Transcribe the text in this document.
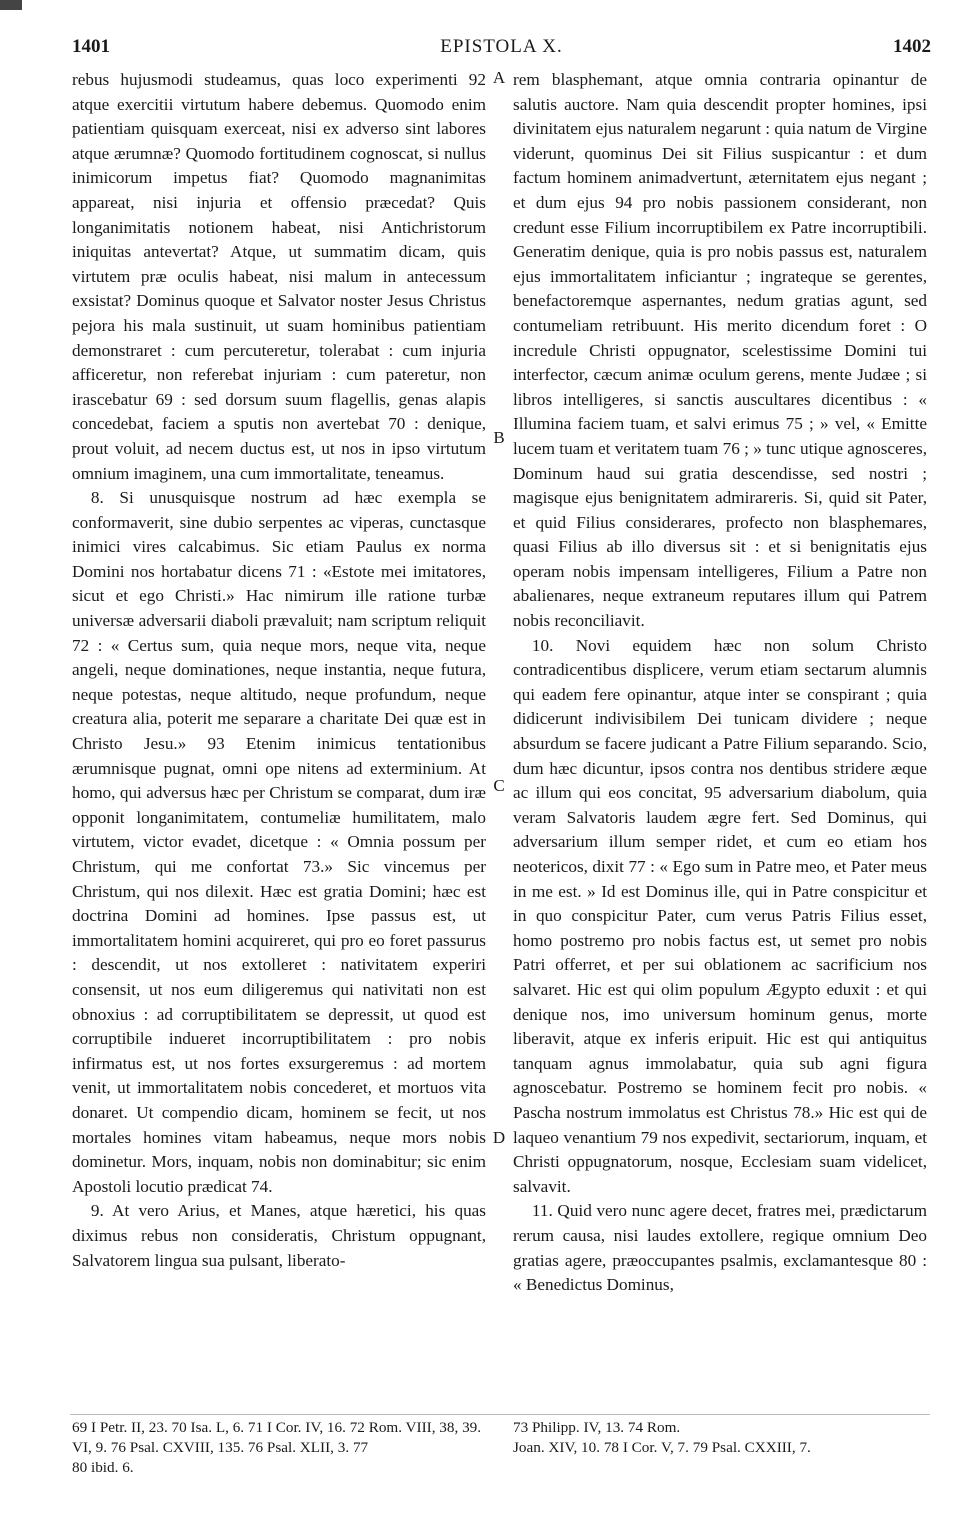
1401	EPISTOLA X.	1402

rebus hujusmodi studeamus, quas loco experimenti 92 atque exercitii virtutum habere debemus. Quomodo enim patientiam quisquam exerceat, nisi ex adverso sint labores atque ærumnæ? Quomodo fortitudinem cognoscat, si nullus inimicorum impetus fiat? Quomodo magnanimitas appareat, nisi injuria et offensio præcedat? Quis longanimitatis notionem habeat, nisi Antichristorum iniquitas antevertat? Atque, ut summatim dicam, quis virtutem præ oculis habeat, nisi malum in antecessum exsistat? Dominus quoque et Salvator noster Jesus Christus pejora his mala sustinuit, ut suam hominibus patientiam demonstraret : cum percuteretur, tolerabat : cum injuria afficeretur, non referebat injuriam : cum pateretur, non irascebatur 69 : sed dorsum suum flagellis, genas alapis concedebat, faciem a sputis non avertebat 70 : denique, prout voluit, ad necem ductus est, ut nos in ipso virtutum omnium imaginem, una cum immortalitate, teneamus.

8. Si unusquisque nostrum ad hæc exempla se conformaverit, sine dubio serpentes ac viperas, cunctasque inimici vires calcabimus. Sic etiam Paulus ex norma Domini nos hortabatur dicens 71 : «Estote mei imitatores, sicut et ego Christi.» Hac nimirum ille ratione turbæ universæ adversarii diaboli prævaluit; nam scriptum reliquit 72 : « Certus sum, quia neque mors, neque vita, neque angeli, neque dominationes, neque instantia, neque futura, neque potestas, neque altitudo, neque profundum, neque creatura alia, poterit me separare a charitate Dei quæ est in Christo Jesu.» 93 Etenim inimicus tentationibus ærumnisque pugnat, omni ope nitens ad exterminium. At homo, qui adversus hæc per Christum se comparat, dum iræ opponit longanimitatem, contumeliæ humilitatem, malo virtutem, victor evadet, dicetque : « Omnia possum per Christum, qui me confortat 73.» Sic vincemus per Christum, qui nos dilexit. Hæc est gratia Domini; hæc est doctrina Domini ad homines. Ipse passus est, ut immortalitatem homini acquireret, qui pro eo foret passurus : descendit, ut nos extolleret : nativitatem experiri consensit, ut nos eum diligeremus qui nativitati non est obnoxius : ad corruptibilitatem se depressit, ut quod est corruptibile indueret incorruptibilitatem : pro nobis infirmatus est, ut nos fortes exsurgeremus : ad mortem venit, ut immortalitatem nobis concederet, et mortuos vita donaret. Ut compendio dicam, hominem se fecit, ut nos mortales homines vitam habeamus, neque mors nobis dominetur. Mors, inquam, nobis non dominabitur; sic enim Apostoli locutio prædicat 74.

9. At vero Arius, et Manes, atque hæretici, his quas diximus rebus non consideratis, Christum oppugnant, Salvatorem lingua sua pulsant, liberato-

A
B
C
D

rem blasphemant, atque omnia contraria opinantur de salutis auctore. Nam quia descendit propter homines, ipsi divinitatem ejus naturalem negarunt : quia natum de Virgine viderunt, quominus Dei sit Filius suspicantur : et dum factum hominem animadvertunt, æternitatem ejus negant ; et dum ejus 94 pro nobis passionem considerant, non credunt esse Filium incorruptibilem ex Patre incorruptibili. Generatim denique, quia is pro nobis passus est, naturalem ejus immortalitatem inficiantur ; ingrateque se gerentes, benefactoremque aspernantes, nedum gratias agunt, sed contumeliam retribuunt. His merito dicendum foret : O incredule Christi oppugnator, scelestissime Domini tui interfector, cæcum animæ oculum gerens, mente Judæe ; si libros intelligeres, si sanctis auscultares dicentibus : « Illumina faciem tuam, et salvi erimus 75 ; » vel, « Emitte lucem tuam et veritatem tuam 76 ; » tunc utique agnosceres, Dominum haud sui gratia descendisse, sed nostri ; magisque ejus benignitatem admirareris. Si, quid sit Pater, et quid Filius considerares, profecto non blasphemares, quasi Filius ab illo diversus sit : et si benignitatis ejus operam nobis impensam intelligeres, Filium a Patre non abalienares, neque extraneum reputares illum qui Patrem nobis reconciliavit.

10. Novi equidem hæc non solum Christo contradicentibus displicere, verum etiam sectarum alumnis qui eadem fere opinantur, atque inter se conspirant ; quia didicerunt indivisibilem Dei tunicam dividere ; neque absurdum se facere judicant a Patre Filium separando. Scio, dum hæc dicuntur, ipsos contra nos dentibus stridere æque ac illum qui eos concitat, 95 adversarium diabolum, quia veram Salvatoris laudem ægre fert. Sed Dominus, qui adversarium illum semper ridet, et cum eo etiam hos neotericos, dixit 77 : « Ego sum in Patre meo, et Pater meus in me est. » Id est Dominus ille, qui in Patre conspicitur et in quo conspicitur Pater, cum verus Patris Filius esset, homo postremo pro nobis factus est, ut semet pro nobis Patri offerret, et per sui oblationem ac sacrificium nos salvaret. Hic est qui olim populum Ægypto eduxit : et qui denique nos, imo universum hominum genus, morte liberavit, atque ex inferis eripuit. Hic est qui antiquitus tanquam agnus immolabatur, quia sub agni figura agnoscebatur. Postremo se hominem fecit pro nobis. « Pascha nostrum immolatus est Christus 78.» Hic est qui de laqueo venantium 79 nos expedivit, sectariorum, inquam, et Christi oppugnatorum, nosque, Ecclesiam suam videlicet, salvavit.

11. Quid vero nunc agere decet, fratres mei, prædictarum rerum causa, nisi laudes extollere, regique omnium Deo gratias agere, præoccupantes psalmis, exclamantesque 80 : « Benedictus Dominus,

69 I Petr. II, 23. 70 Isa. L, 6. 71 I Cor. IV, 16. 72 Rom. VIII, 38, 39.
VI, 9. 76 Psal. CXVIII, 135. 76 Psal. XLII, 3. 77
80 ibid. 6.
73 Philipp. IV, 13. 74 Rom.
Joan. XIV, 10. 78 I Cor. V, 7. 79 Psal. CXXIII, 7.
